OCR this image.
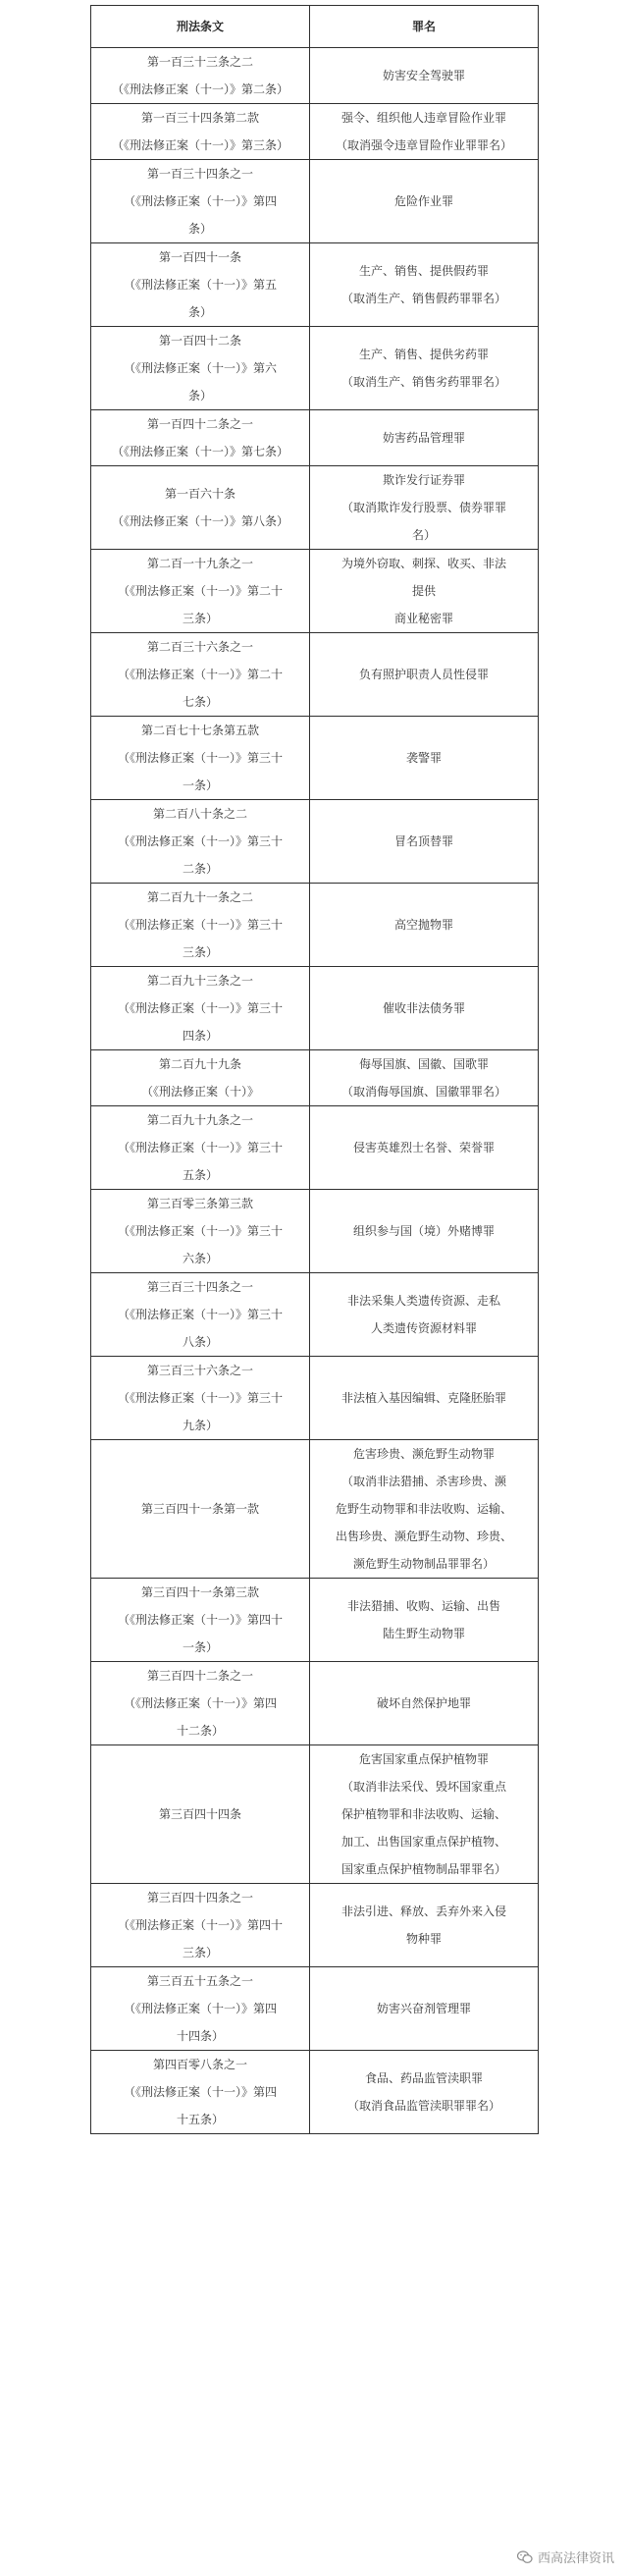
刑法条文	罪名

第一百三十三条之二
（《刑法修正案（十一）》第二条）	妨害安全驾驶罪

第一百三十四条第二款
（《刑法修正案（十一）》第三条）	强令、组织他人违章冒险作业罪
（取消强令违章冒险作业罪罪名）

第一百三十四条之一
（《刑法修正案（十一）》第四
条）	危险作业罪

第一百四十一条
（《刑法修正案（十一）》第五
条）	生产、销售、提供假药罪
（取消生产、销售假药罪罪名）

第一百四十二条
（《刑法修正案（十一）》第六
条）	生产、销售、提供劣药罪
（取消生产、销售劣药罪罪名）

第一百四十二条之一
（《刑法修正案（十一）》第七条）	妨害药品管理罪

第一百六十条
（《刑法修正案（十一）》第八条）	欺诈发行证券罪
（取消欺诈发行股票、债券罪罪
名）

第二百一十九条之一
（《刑法修正案（十一）》第二十
三条）	为境外窃取、刺探、收买、非法
提供
商业秘密罪

第二百三十六条之一
（《刑法修正案（十一）》第二十
七条）	负有照护职责人员性侵罪

第二百七十七条第五款
（《刑法修正案（十一）》第三十
一条）	袭警罪

第二百八十条之二
（《刑法修正案（十一）》第三十
二条）	冒名顶替罪

第二百九十一条之二
（《刑法修正案（十一）》第三十
三条）	高空抛物罪

第二百九十三条之一
（《刑法修正案（十一）》第三十
四条）	催收非法债务罪

第二百九十九条
（《刑法修正案（十）》	侮辱国旗、国徽、国歌罪
（取消侮辱国旗、国徽罪罪名）

第二百九十九条之一
（《刑法修正案（十一）》第三十
五条）	侵害英雄烈士名誉、荣誉罪

第三百零三条第三款
（《刑法修正案（十一）》第三十
六条）	组织参与国（境）外赌博罪

第三百三十四条之一
（《刑法修正案（十一）》第三十
八条）	非法采集人类遗传资源、走私
人类遗传资源材料罪

第三百三十六条之一
（《刑法修正案（十一）》第三十
九条）	非法植入基因编辑、克隆胚胎罪

第三百四十一条第一款	危害珍贵、濒危野生动物罪
（取消非法猎捕、杀害珍贵、濒
危野生动物罪和非法收购、运输、
出售珍贵、濒危野生动物、珍贵、
濒危野生动物制品罪罪名）

第三百四十一条第三款
（《刑法修正案（十一）》第四十
一条）	非法猎捕、收购、运输、出售
陆生野生动物罪

第三百四十二条之一
（《刑法修正案（十一）》第四
十二条）	破坏自然保护地罪

第三百四十四条	危害国家重点保护植物罪
（取消非法采伐、毁坏国家重点
保护植物罪和非法收购、运输、
加工、出售国家重点保护植物、
国家重点保护植物制品罪罪名）

第三百四十四条之一
（《刑法修正案（十一）》第四十
三条）	非法引进、释放、丢弃外来入侵
物种罪

第三百五十五条之一
（《刑法修正案（十一）》第四
十四条）	妨害兴奋剂管理罪

第四百零八条之一
（《刑法修正案（十一）》第四
十五条）	食品、药品监管渎职罪
（取消食品监管渎职罪罪名）
西高法律资讯
